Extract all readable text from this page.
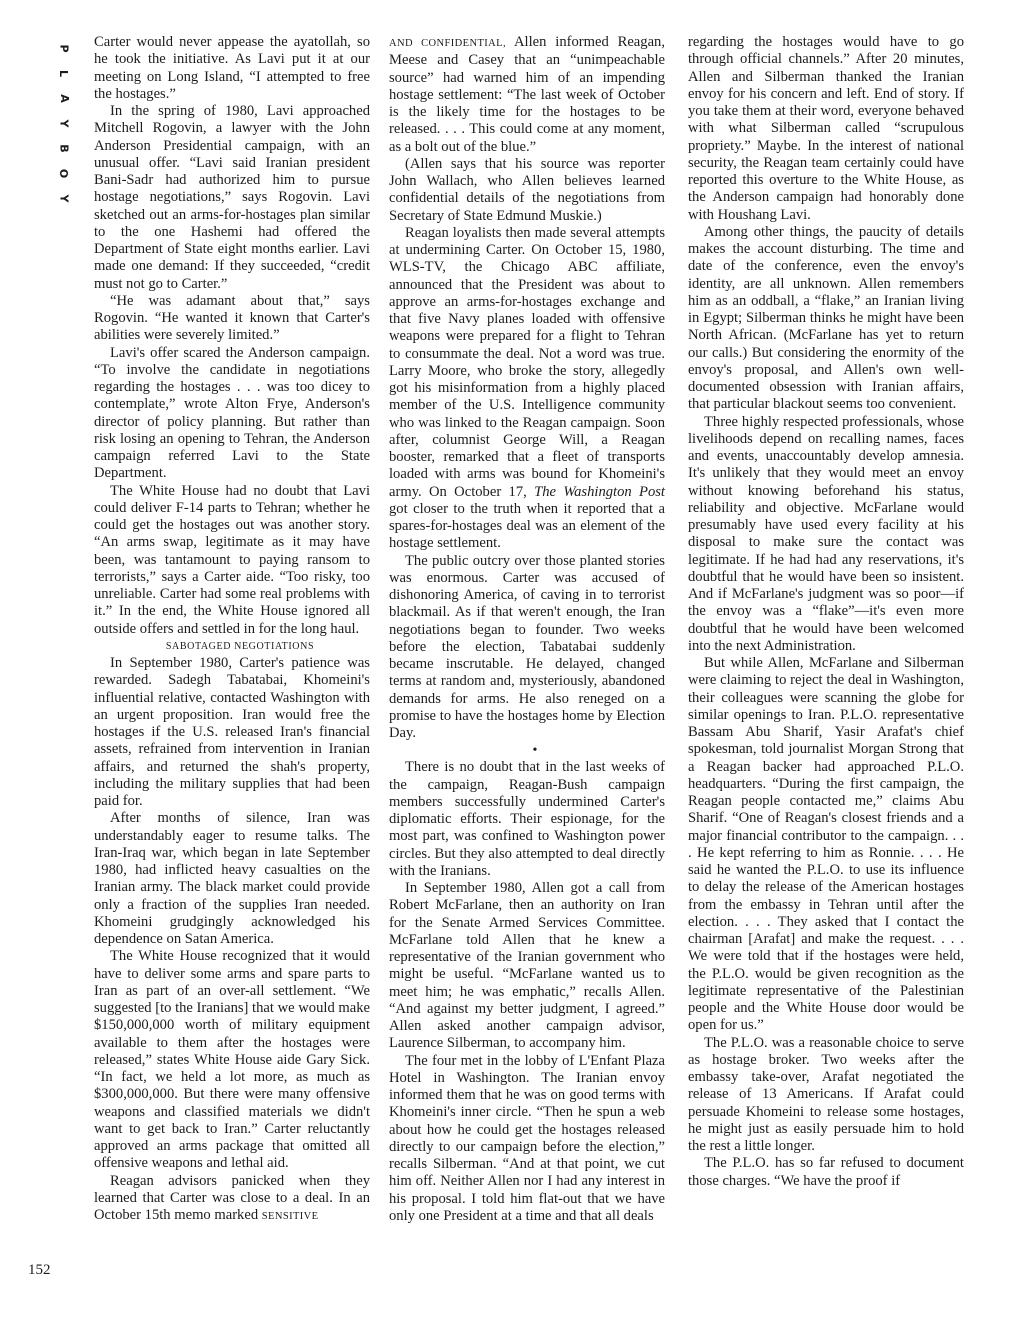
P
L
A
Y
B
O
Y
152

Carter would never appease the ayatollah, so he took the initiative. As Lavi put it at our meeting on Long Island, “I attempted to free the hostages.”

In the spring of 1980, Lavi approached Mitchell Rogovin, a lawyer with the John Anderson Presidential campaign, with an unusual offer. “Lavi said Iranian president Bani-Sadr had authorized him to pursue hostage negotiations,” says Rogovin. Lavi sketched out an arms-for-hostages plan similar to the one Hashemi had offered the Department of State eight months earlier. Lavi made one demand: If they succeeded, “credit must not go to Carter.”

“He was adamant about that,” says Rogovin. “He wanted it known that Carter's abilities were severely limited.”

Lavi's offer scared the Anderson campaign. “To involve the candidate in negotiations regarding the hostages . . . was too dicey to contemplate,” wrote Alton Frye, Anderson's director of policy planning. But rather than risk losing an opening to Tehran, the Anderson campaign referred Lavi to the State Department.

The White House had no doubt that Lavi could deliver F-14 parts to Tehran; whether he could get the hostages out was another story. “An arms swap, legitimate as it may have been, was tantamount to paying ransom to terrorists,” says a Carter aide. “Too risky, too unreliable. Carter had some real problems with it.” In the end, the White House ignored all outside offers and settled in for the long haul.

SABOTAGED NEGOTIATIONS

In September 1980, Carter's patience was rewarded. Sadegh Tabatabai, Khomeini's influential relative, contacted Washington with an urgent proposition. Iran would free the hostages if the U.S. released Iran's financial assets, refrained from intervention in Iranian affairs, and returned the shah's property, including the military supplies that had been paid for.

After months of silence, Iran was understandably eager to resume talks. The Iran-Iraq war, which began in late September 1980, had inflicted heavy casualties on the Iranian army. The black market could provide only a fraction of the supplies Iran needed. Khomeini grudgingly acknowledged his dependence on Satan America.

The White House recognized that it would have to deliver some arms and spare parts to Iran as part of an over-all settlement. “We suggested [to the Iranians] that we would make $150,000,000 worth of military equipment available to them after the hostages were released,” states White House aide Gary Sick. “In fact, we held a lot more, as much as $300,000,000. But there were many offensive weapons and classified materials we didn't want to get back to Iran.” Carter reluctantly approved an arms package that omitted all offensive weapons and lethal aid.

Reagan advisors panicked when they learned that Carter was close to a deal. In an October 15th memo marked SENSITIVE

AND CONFIDENTIAL, Allen informed Reagan, Meese and Casey that an “unimpeachable source” had warned him of an impending hostage settlement: “The last week of October is the likely time for the hostages to be released. . . . This could come at any moment, as a bolt out of the blue.”

(Allen says that his source was reporter John Wallach, who Allen believes learned confidential details of the negotiations from Secretary of State Edmund Muskie.)

Reagan loyalists then made several attempts at undermining Carter. On October 15, 1980, WLS-TV, the Chicago ABC affiliate, announced that the President was about to approve an arms-for-hostages exchange and that five Navy planes loaded with offensive weapons were prepared for a flight to Tehran to consummate the deal. Not a word was true. Larry Moore, who broke the story, allegedly got his misinformation from a highly placed member of the U.S. Intelligence community who was linked to the Reagan campaign. Soon after, columnist George Will, a Reagan booster, remarked that a fleet of transports loaded with arms was bound for Khomeini's army. On October 17, The Washington Post got closer to the truth when it reported that a spares-for-hostages deal was an element of the hostage settlement.

The public outcry over those planted stories was enormous. Carter was accused of dishonoring America, of caving in to terrorist blackmail. As if that weren't enough, the Iran negotiations began to founder. Two weeks before the election, Tabatabai suddenly became inscrutable. He delayed, changed terms at random and, mysteriously, abandoned demands for arms. He also reneged on a promise to have the hostages home by Election Day.

•

There is no doubt that in the last weeks of the campaign, Reagan-Bush campaign members successfully undermined Carter's diplomatic efforts. Their espionage, for the most part, was confined to Washington power circles. But they also attempted to deal directly with the Iranians.

In September 1980, Allen got a call from Robert McFarlane, then an authority on Iran for the Senate Armed Services Committee. McFarlane told Allen that he knew a representative of the Iranian government who might be useful. “McFarlane wanted us to meet him; he was emphatic,” recalls Allen. “And against my better judgment, I agreed.” Allen asked another campaign advisor, Laurence Silberman, to accompany him.

The four met in the lobby of L'Enfant Plaza Hotel in Washington. The Iranian envoy informed them that he was on good terms with Khomeini's inner circle. “Then he spun a web about how he could get the hostages released directly to our campaign before the election,” recalls Silberman. “And at that point, we cut him off. Neither Allen nor I had any interest in his proposal. I told him flat-out that we have only one President at a time and that all deals

regarding the hostages would have to go through official channels.” After 20 minutes, Allen and Silberman thanked the Iranian envoy for his concern and left. End of story. If you take them at their word, everyone behaved with what Silberman called “scrupulous propriety.” Maybe. In the interest of national security, the Reagan team certainly could have reported this overture to the White House, as the Anderson campaign had honorably done with Houshang Lavi.

Among other things, the paucity of details makes the account disturbing. The time and date of the conference, even the envoy's identity, are all unknown. Allen remembers him as an oddball, a “flake,” an Iranian living in Egypt; Silberman thinks he might have been North African. (McFarlane has yet to return our calls.) But considering the enormity of the envoy's proposal, and Allen's own well-documented obsession with Iranian affairs, that particular blackout seems too convenient.

Three highly respected professionals, whose livelihoods depend on recalling names, faces and events, unaccountably develop amnesia. It's unlikely that they would meet an envoy without knowing beforehand his status, reliability and objective. McFarlane would presumably have used every facility at his disposal to make sure the contact was legitimate. If he had had any reservations, it's doubtful that he would have been so insistent. And if McFarlane's judgment was so poor—if the envoy was a “flake”—it's even more doubtful that he would have been welcomed into the next Administration.

But while Allen, McFarlane and Silberman were claiming to reject the deal in Washington, their colleagues were scanning the globe for similar openings to Iran. P.L.O. representative Bassam Abu Sharif, Yasir Arafat's chief spokesman, told journalist Morgan Strong that a Reagan backer had approached P.L.O. headquarters. “During the first campaign, the Reagan people contacted me,” claims Abu Sharif. “One of Reagan's closest friends and a major financial contributor to the campaign. . . . He kept referring to him as Ronnie. . . . He said he wanted the P.L.O. to use its influence to delay the release of the American hostages from the embassy in Tehran until after the election. . . . They asked that I contact the chairman [Arafat] and make the request. . . . We were told that if the hostages were held, the P.L.O. would be given recognition as the legitimate representative of the Palestinian people and the White House door would be open for us.”

The P.L.O. was a reasonable choice to serve as hostage broker. Two weeks after the embassy take-over, Arafat negotiated the release of 13 Americans. If Arafat could persuade Khomeini to release some hostages, he might just as easily persuade him to hold the rest a little longer.

The P.L.O. has so far refused to document those charges. “We have the proof if
